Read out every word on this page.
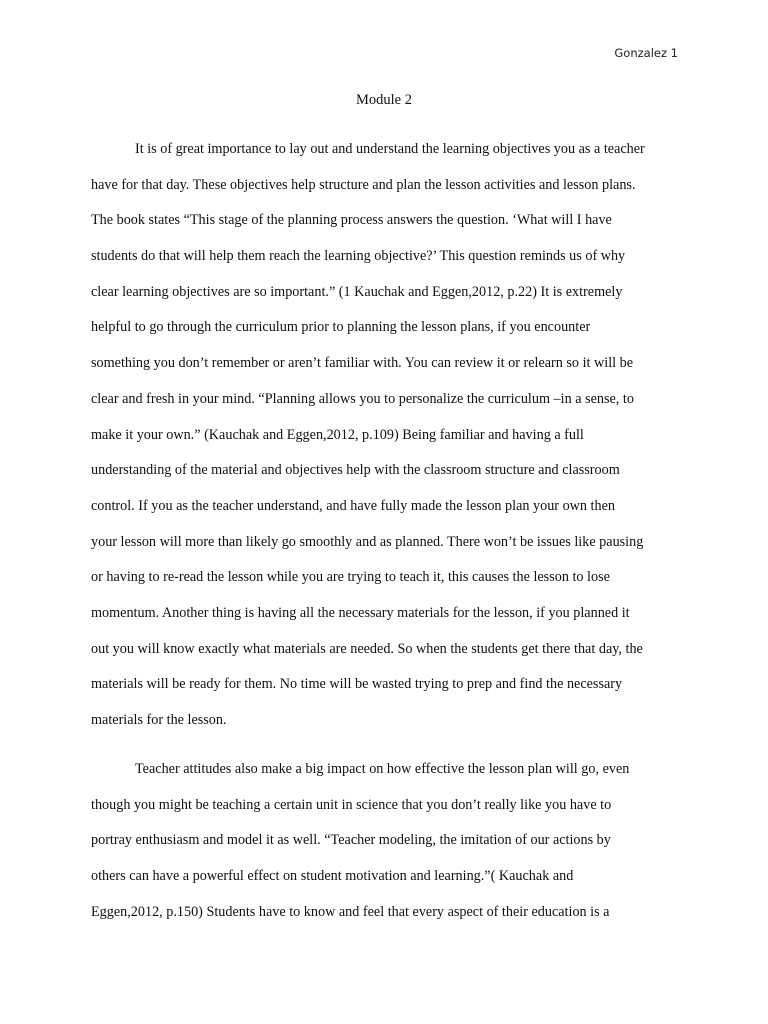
Gonzalez 1
Module 2
It is of great importance to lay out and understand the learning objectives you as a teacher
have for that day. These objectives help structure and plan the lesson activities and lesson plans.
The book states “This stage of the planning process answers the question. ‘What will I have
students do that will help them reach the learning objective?’ This question reminds us of why
clear learning objectives are so important.” (1 Kauchak and Eggen,2012, p.22) It is extremely
helpful to go through the curriculum prior to planning the lesson plans, if you encounter
something you don’t remember or aren’t familiar with. You can review it or relearn so it will be
clear and fresh in your mind. “Planning allows you to personalize the curriculum –in a sense, to
make it your own.” (Kauchak and Eggen,2012, p.109) Being familiar and having a full
understanding of the material and objectives help with the classroom structure and classroom
control. If you as the teacher understand, and have fully made the lesson plan your own then
your lesson will more than likely go smoothly and as planned. There won’t be issues like pausing
or having to re-read the lesson while you are trying to teach it, this causes the lesson to lose
momentum. Another thing is having all the necessary materials for the lesson, if you planned it
out you will know exactly what materials are needed. So when the students get there that day, the
materials will be ready for them. No time will be wasted trying to prep and find the necessary
materials for the lesson.
Teacher attitudes also make a big impact on how effective the lesson plan will go, even
though you might be teaching a certain unit in science that you don’t really like you have to
portray enthusiasm and model it as well. “Teacher modeling, the imitation of our actions by
others can have a powerful effect on student motivation and learning.”( Kauchak and
Eggen,2012, p.150) Students have to know and feel that every aspect of their education is a
